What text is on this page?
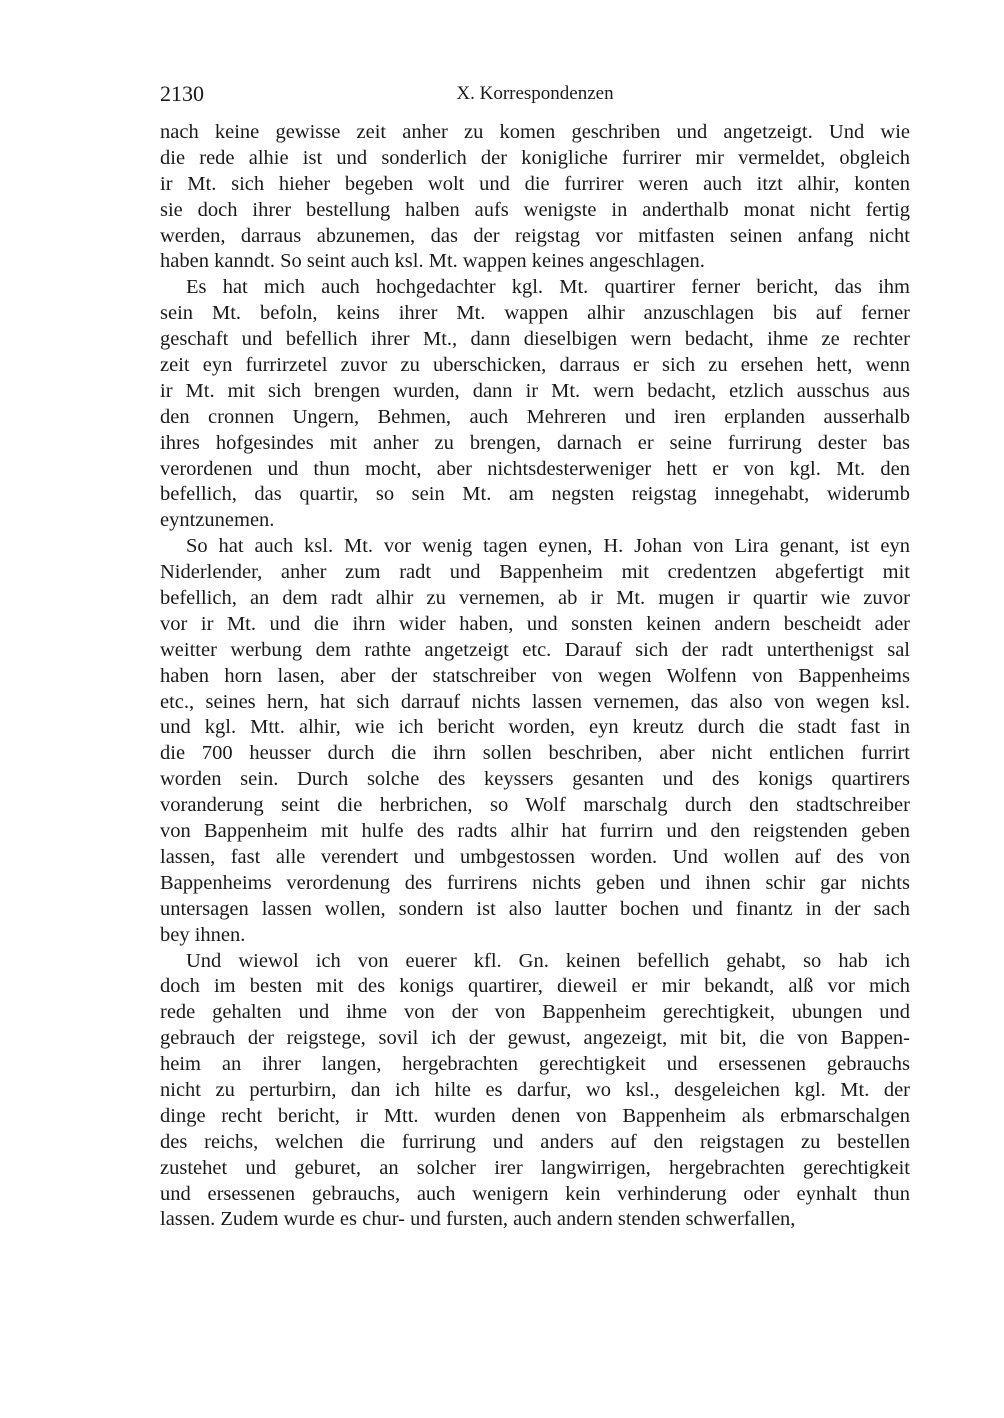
2130	X. Korrespondenzen
nach keine gewisse zeit anher zu komen geschriben und angetzeigt. Und wie
die rede alhie ist und sonderlich der konigliche furrirer mir vermeldet, obgleich
ir Mt. sich hieher begeben wolt und die furrirer weren auch itzt alhir, konten
sie doch ihrer bestellung halben aufs wenigste in anderthalb monat nicht fertig
werden, darraus abzunemen, das der reigstag vor mitfasten seinen anfang nicht
haben kanndt. So seint auch ksl. Mt. wappen keines angeschlagen.
Es hat mich auch hochgedachter kgl. Mt. quartirer ferner bericht, das ihm
sein Mt. befoln, keins ihrer Mt. wappen alhir anzuschlagen bis auf ferner
geschaft und befellich ihrer Mt., dann dieselbigen wern bedacht, ihme ze rechter
zeit eyn furrirzetel zuvor zu uberschicken, darraus er sich zu ersehen hett, wenn
ir Mt. mit sich brengen wurden, dann ir Mt. wern bedacht, etzlich ausschus aus
den cronnen Ungern, Behmen, auch Mehreren und iren erplanden ausserhalb
ihres hofgesindes mit anher zu brengen, darnach er seine furrirung dester bas
verordenen und thun mocht, aber nichtsdesterweniger hett er von kgl. Mt. den
befellich, das quartir, so sein Mt. am negsten reigstag innegehabt, widerumb
eyntzunemen.
So hat auch ksl. Mt. vor wenig tagen eynen, H. Johan von Lira genant, ist eyn
Niderlender, anher zum radt und Bappenheim mit credentzen abgefertigt mit
befellich, an dem radt alhir zu vernemen, ab ir Mt. mugen ir quartir wie zuvor
vor ir Mt. und die ihrn wider haben, und sonsten keinen andern bescheidt ader
weitter werbung dem rathte angetzeigt etc. Darauf sich der radt unterthenigst sal
haben horn lasen, aber der statschreiber von wegen Wolfenn von Bappenheims
etc., seines hern, hat sich darrauf nichts lassen vernemen, das also von wegen ksl.
und kgl. Mtt. alhir, wie ich bericht worden, eyn kreutz durch die stadt fast in
die 700 heusser durch die ihrn sollen beschriben, aber nicht entlichen furrirt
worden sein. Durch solche des keyssers gesanten und des konigs quartirers
voranderung seint die herbrichen, so Wolf marschalg durch den stadtschreiber
von Bappenheim mit hulfe des radts alhir hat furrirn und den reigstenden geben
lassen, fast alle verendert und umbgestossen worden. Und wollen auf des von
Bappenheims verordenung des furrirens nichts geben und ihnen schir gar nichts
untersagen lassen wollen, sondern ist also lautter bochen und finantz in der sach
bey ihnen.
Und wiewol ich von euerer kfl. Gn. keinen befellich gehabt, so hab ich
doch im besten mit des konigs quartirer, dieweil er mir bekandt, alß vor mich
rede gehalten und ihme von der von Bappenheim gerechtigkeit, ubungen und
gebrauch der reigstege, sovil ich der gewust, angezeigt, mit bit, die von Bappen-
heim an ihrer langen, hergebrachten gerechtigkeit und ersessenen gebrauchs
nicht zu perturbirn, dan ich hilte es darfur, wo ksl., desgeleichen kgl. Mt. der
dinge recht bericht, ir Mtt. wurden denen von Bappenheim als erbmarschalgen
des reichs, welchen die furrirung und anders auf den reigstagen zu bestellen
zustehet und geburet, an solcher irer langwirrigen, hergebrachten gerechtigkeit
und ersessenen gebrauchs, auch wenigern kein verhinderung oder eynhalt thun
lassen. Zudem wurde es chur- und fursten, auch andern stenden schwerfallen,
